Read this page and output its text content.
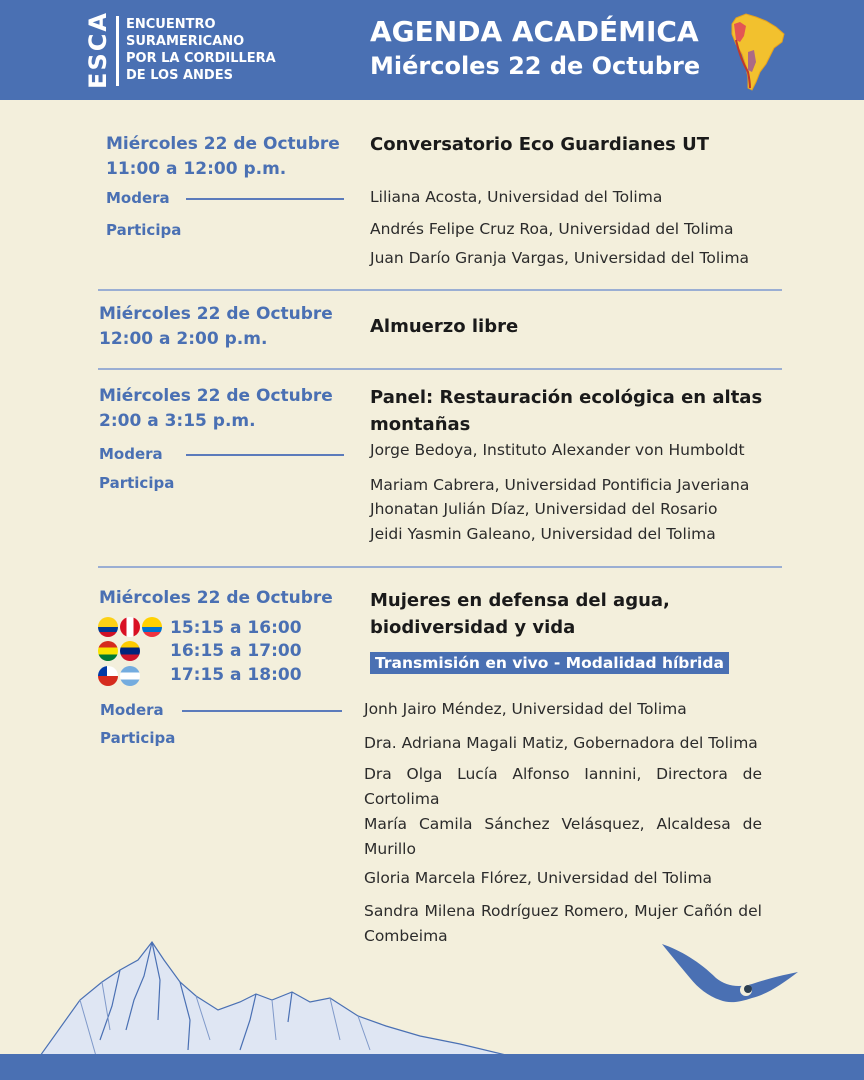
ESCA ENCUENTRO
SURAMERICANO
POR LA CORDILLERA
DE LOS ANDES
AGENDA ACADÉMICA
Miércoles 22 de Octubre
Miércoles 22 de Octubre
11:00 a 12:00 p.m.
Conversatorio Eco Guardianes UT
Modera	Liliana Acosta, Universidad del Tolima
Participa	Andrés Felipe Cruz Roa, Universidad del Tolima
Juan Darío Granja Vargas, Universidad del Tolima
Miércoles 22 de Octubre
12:00 a 2:00 p.m.
Almuerzo libre
Miércoles 22 de Octubre
2:00 a 3:15 p.m.
Panel: Restauración ecológica en altas
montañas
Modera	Jorge Bedoya, Instituto Alexander von Humboldt
Participa	Mariam Cabrera, Universidad Pontificia Javeriana
Jhonatan Julián Díaz, Universidad del Rosario
Jeidi Yasmin Galeano, Universidad del Tolima
Miércoles 22 de Octubre
15:15 a 16:00
16:15 a 17:00
17:15 a 18:00
Mujeres en defensa del agua,
biodiversidad y vida
Transmisión en vivo - Modalidad híbrida
Modera	Jonh Jairo Méndez, Universidad del Tolima
Participa	Dra. Adriana Magali Matiz, Gobernadora del Tolima
Dra Olga Lucía Alfonso Iannini, Directora de Cortolima
María Camila Sánchez Velásquez, Alcaldesa de Murillo
Gloria Marcela Flórez, Universidad del Tolima
Sandra Milena Rodríguez Romero, Mujer Cañón del Combeima
